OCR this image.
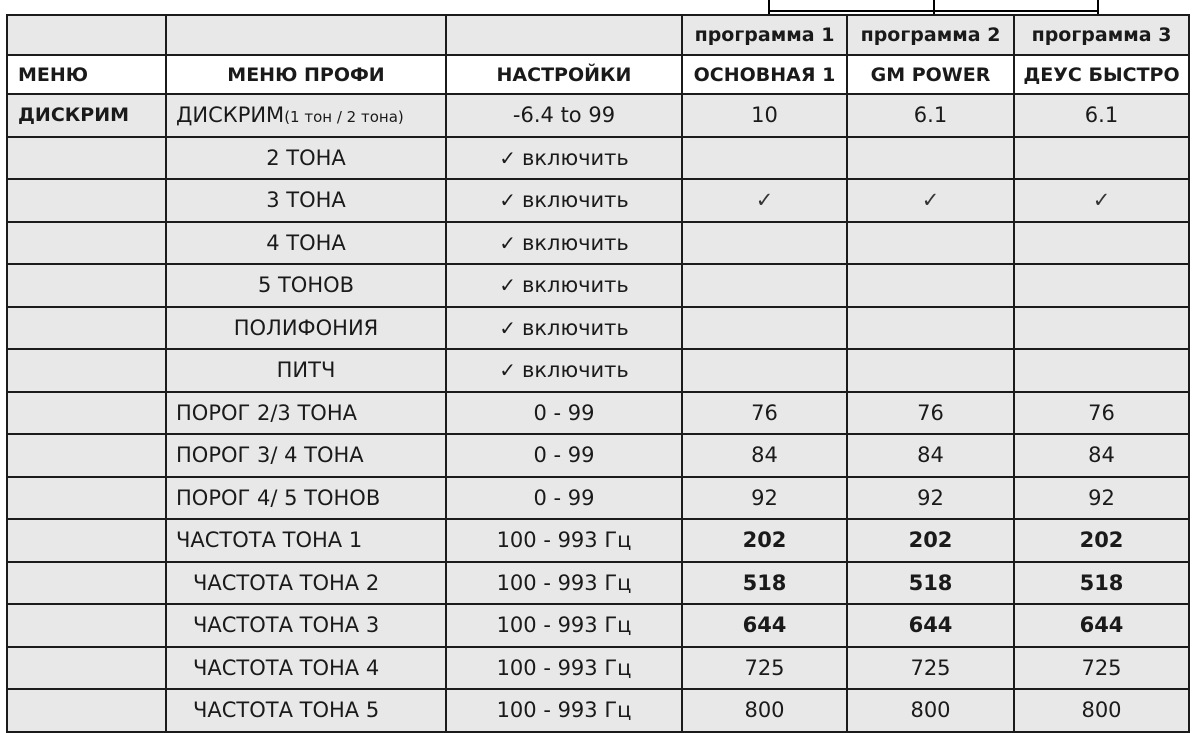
			программа 1	программа 2	программа 3
МЕНЮ	МЕНЮ ПРОФИ	НАСТРОЙКИ	ОСНОВНАЯ 1	GM POWER	ДЕУС БЫСТРО
ДИСКРИМ	ДИСКРИМ(1 тон / 2 тона)	-6.4 to 99	10	6.1	6.1
	2 ТОНА	✓ включить			
	3 ТОНА	✓ включить	✓	✓	✓
	4 ТОНА	✓ включить			
	5 ТОНОВ	✓ включить			
	ПОЛИФОНИЯ	✓ включить			
	ПИТЧ	✓ включить			
	ПОРОГ 2/3 ТОНА	0 - 99	76	76	76
	ПОРОГ 3/ 4 ТОНА	0 - 99	84	84	84
	ПОРОГ 4/ 5 ТОНОВ	0 - 99	92	92	92
	ЧАСТОТА ТОНА 1	100 - 993 Гц	202	202	202
	ЧАСТОТА ТОНА 2	100 - 993 Гц	518	518	518
	ЧАСТОТА ТОНА 3	100 - 993 Гц	644	644	644
	ЧАСТОТА ТОНА 4	100 - 993 Гц	725	725	725
	ЧАСТОТА ТОНА 5	100 - 993 Гц	800	800	800
